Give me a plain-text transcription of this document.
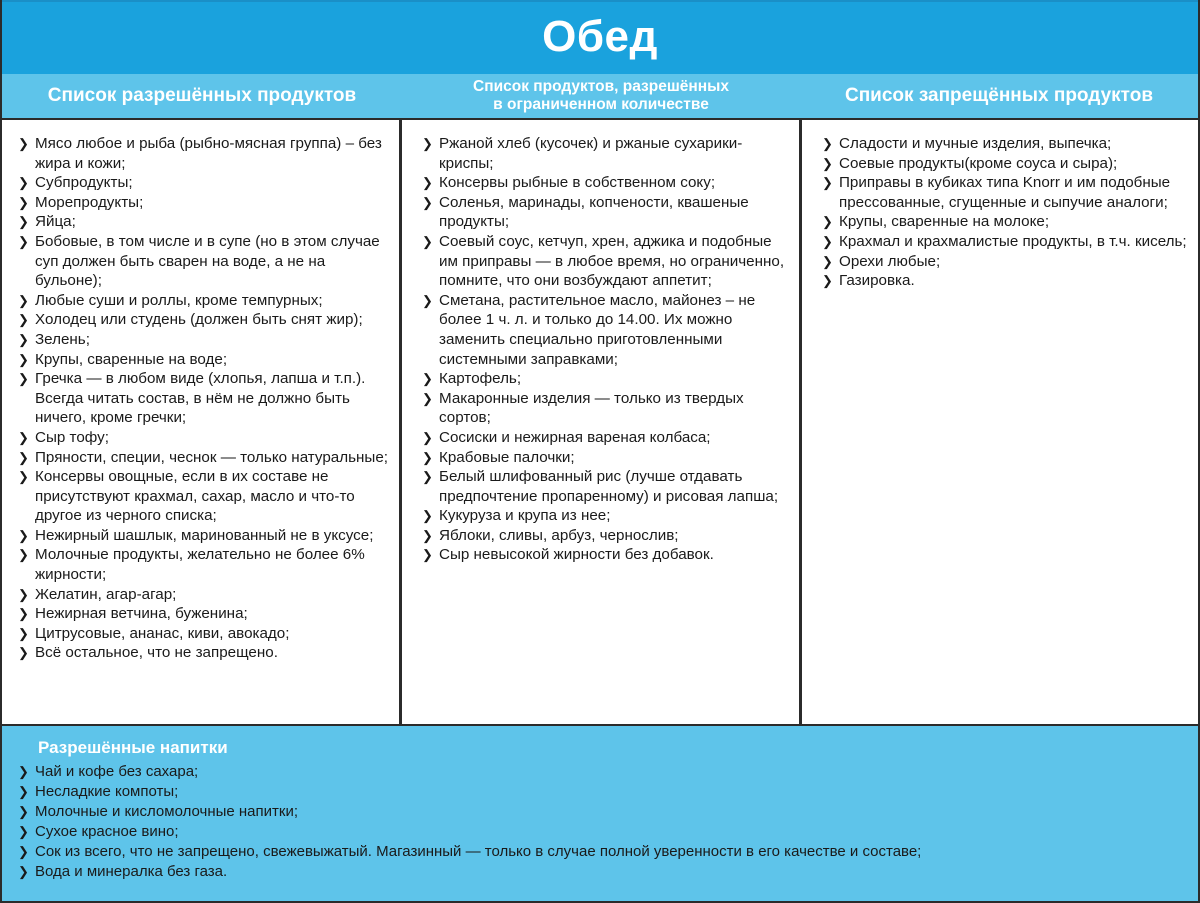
Обед
Список разрешённых продуктов	Список продуктов, разрешённых
в ограниченном количестве	Список запрещённых продуктов
❯ Мясо любое и рыба (рыбно-мясная группа) – без жира и кожи;
❯ Субпродукты;
❯ Морепродукты;
❯ Яйца;
❯ Бобовые, в том числе и в супе (но в этом случае суп должен быть сварен на воде, а не на бульоне);
❯ Любые суши и роллы, кроме темпурных;
❯ Холодец или студень (должен быть снят жир);
❯ Зелень;
❯ Крупы, сваренные на воде;
❯ Гречка — в любом виде (хлопья, лапша и т.п.). Всегда читать состав, в нём не должно быть ничего, кроме гречки;
❯ Сыр тофу;
❯ Пряности, специи, чеснок — только натуральные;
❯ Консервы овощные, если в их составе не присутствуют крахмал, сахар, масло и что-то другое из черного списка;
❯ Нежирный шашлык, маринованный не в уксусе;
❯ Молочные продукты, желательно не более 6% жирности;
❯ Желатин, агар-агар;
❯ Нежирная ветчина, буженина;
❯ Цитрусовые, ананас, киви, авокадо;
❯ Всё остальное, что не запрещено.
❯ Ржаной хлеб (кусочек) и ржаные сухарики-криспы;
❯ Консервы рыбные в собственном соку;
❯ Соленья, маринады, копчености, квашеные продукты;
❯ Соевый соус, кетчуп, хрен, аджика и подобные им приправы — в любое время, но ограниченно, помните, что они возбуждают аппетит;
❯ Сметана, растительное масло, майонез – не более 1 ч. л. и только до 14.00. Их можно заменить специально приготовленными системными заправками;
❯ Картофель;
❯ Макаронные изделия — только из твердых сортов;
❯ Сосиски и нежирная вареная колбаса;
❯ Крабовые палочки;
❯ Белый шлифованный рис (лучше отдавать предпочтение пропаренному) и рисовая лапша;
❯ Кукуруза и крупа из нее;
❯ Яблоки, сливы, арбуз, чернослив;
❯ Сыр невысокой жирности без добавок.
❯ Сладости и мучные изделия, выпечка;
❯ Соевые продукты(кроме соуса и сыра);
❯ Приправы в кубиках типа Knorr и им подобные прессованные, сгущенные и сыпучие аналоги;
❯ Крупы, сваренные на молоке;
❯ Крахмал и крахмалистые продукты, в т.ч. кисель;
❯ Орехи любые;
❯ Газировка.
Разрешённые напитки
❯ Чай и кофе без сахара;
❯ Несладкие компоты;
❯ Молочные и кисломолочные напитки;
❯ Сухое красное вино;
❯ Сок из всего, что не запрещено, свежевыжатый. Магазинный — только в случае полной уверенности в его качестве и составе;
❯ Вода и минералка без газа.
